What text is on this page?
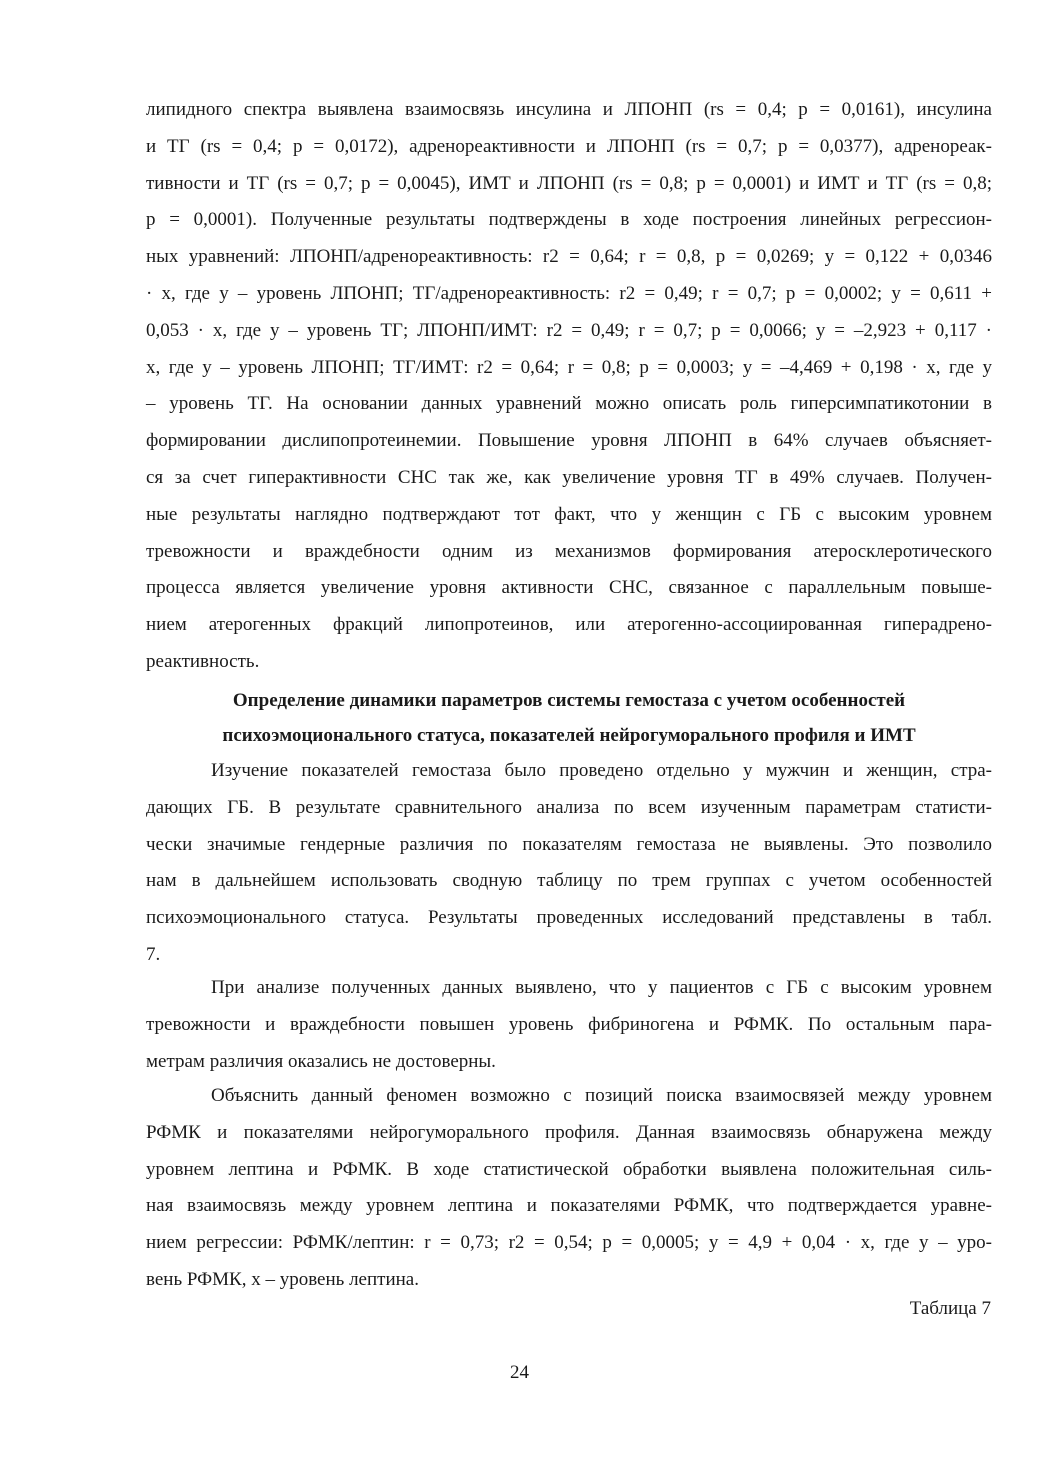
липидного спектра выявлена взаимосвязь инсулина и ЛПОНП (rs = 0,4; p = 0,0161), инсулина
и ТГ (rs = 0,4; p = 0,0172), адренореактивности и ЛПОНП (rs = 0,7; p = 0,0377), адренореак-
тивности и ТГ (rs = 0,7; p = 0,0045), ИМТ и ЛПОНП (rs = 0,8; p = 0,0001) и ИМТ и ТГ (rs = 0,8;
p = 0,0001). Полученные результаты подтверждены в ходе построения линейных регрессион-
ных уравнений: ЛПОНП/адренореактивность: r2 = 0,64; r = 0,8, p = 0,0269; y = 0,122 + 0,0346
· x, где y – уровень ЛПОНП; ТГ/адренореактивность: r2 = 0,49; r = 0,7; p = 0,0002; y = 0,611 +
0,053 · x, где y – уровень ТГ; ЛПОНП/ИМТ: r2 = 0,49; r = 0,7; p = 0,0066; y = –2,923 + 0,117 ·
x, где y – уровень ЛПОНП; ТГ/ИМТ: r2 = 0,64; r = 0,8; p = 0,0003; y = –4,469 + 0,198 · x, где y
– уровень ТГ. На основании данных уравнений можно описать роль гиперсимпатикотонии в
формировании дислипопротеинемии. Повышение уровня ЛПОНП в 64% случаев объясняет-
ся за счет гиперактивности СНС так же, как увеличение уровня ТГ в 49% случаев. Получен-
ные результаты наглядно подтверждают тот факт, что у женщин с ГБ с высоким уровнем
тревожности и враждебности одним из механизмов формирования атеросклеротического
процесса является увеличение уровня активности СНС, связанное с параллельным повыше-
нием атерогенных фракций липопротеинов, или атерогенно-ассоциированная гиперадрено-
реактивность.
Определение динамики параметров системы гемостаза с учетом особенностей
психоэмоционального статуса, показателей нейрогуморального профиля и ИМТ
Изучение показателей гемостаза было проведено отдельно у мужчин и женщин, стра-
дающих ГБ. В результате сравнительного анализа по всем изученным параметрам статисти-
чески значимые гендерные различия по показателям гемостаза не выявлены. Это позволило
нам в дальнейшем использовать сводную таблицу по трем группах с учетом особенностей
психоэмоционального статуса. Результаты проведенных исследований представлены в табл.
7.
При анализе полученных данных выявлено, что у пациентов с ГБ с высоким уровнем
тревожности и враждебности повышен уровень фибриногена и РФМК. По остальным пара-
метрам различия оказались не достоверны.
Объяснить данный феномен возможно с позиций поиска взаимосвязей между уровнем
РФМК и показателями нейрогуморального профиля. Данная взаимосвязь обнаружена между
уровнем лептина и РФМК. В ходе статистической обработки выявлена положительная силь-
ная взаимосвязь между уровнем лептина и показателями РФМК, что подтверждается уравне-
нием регрессии: РФМК/лептин: r = 0,73; r2 = 0,54; p = 0,0005; y = 4,9 + 0,04 · x, где y – уро-
вень РФМК, x – уровень лептина.
Таблица 7
24
